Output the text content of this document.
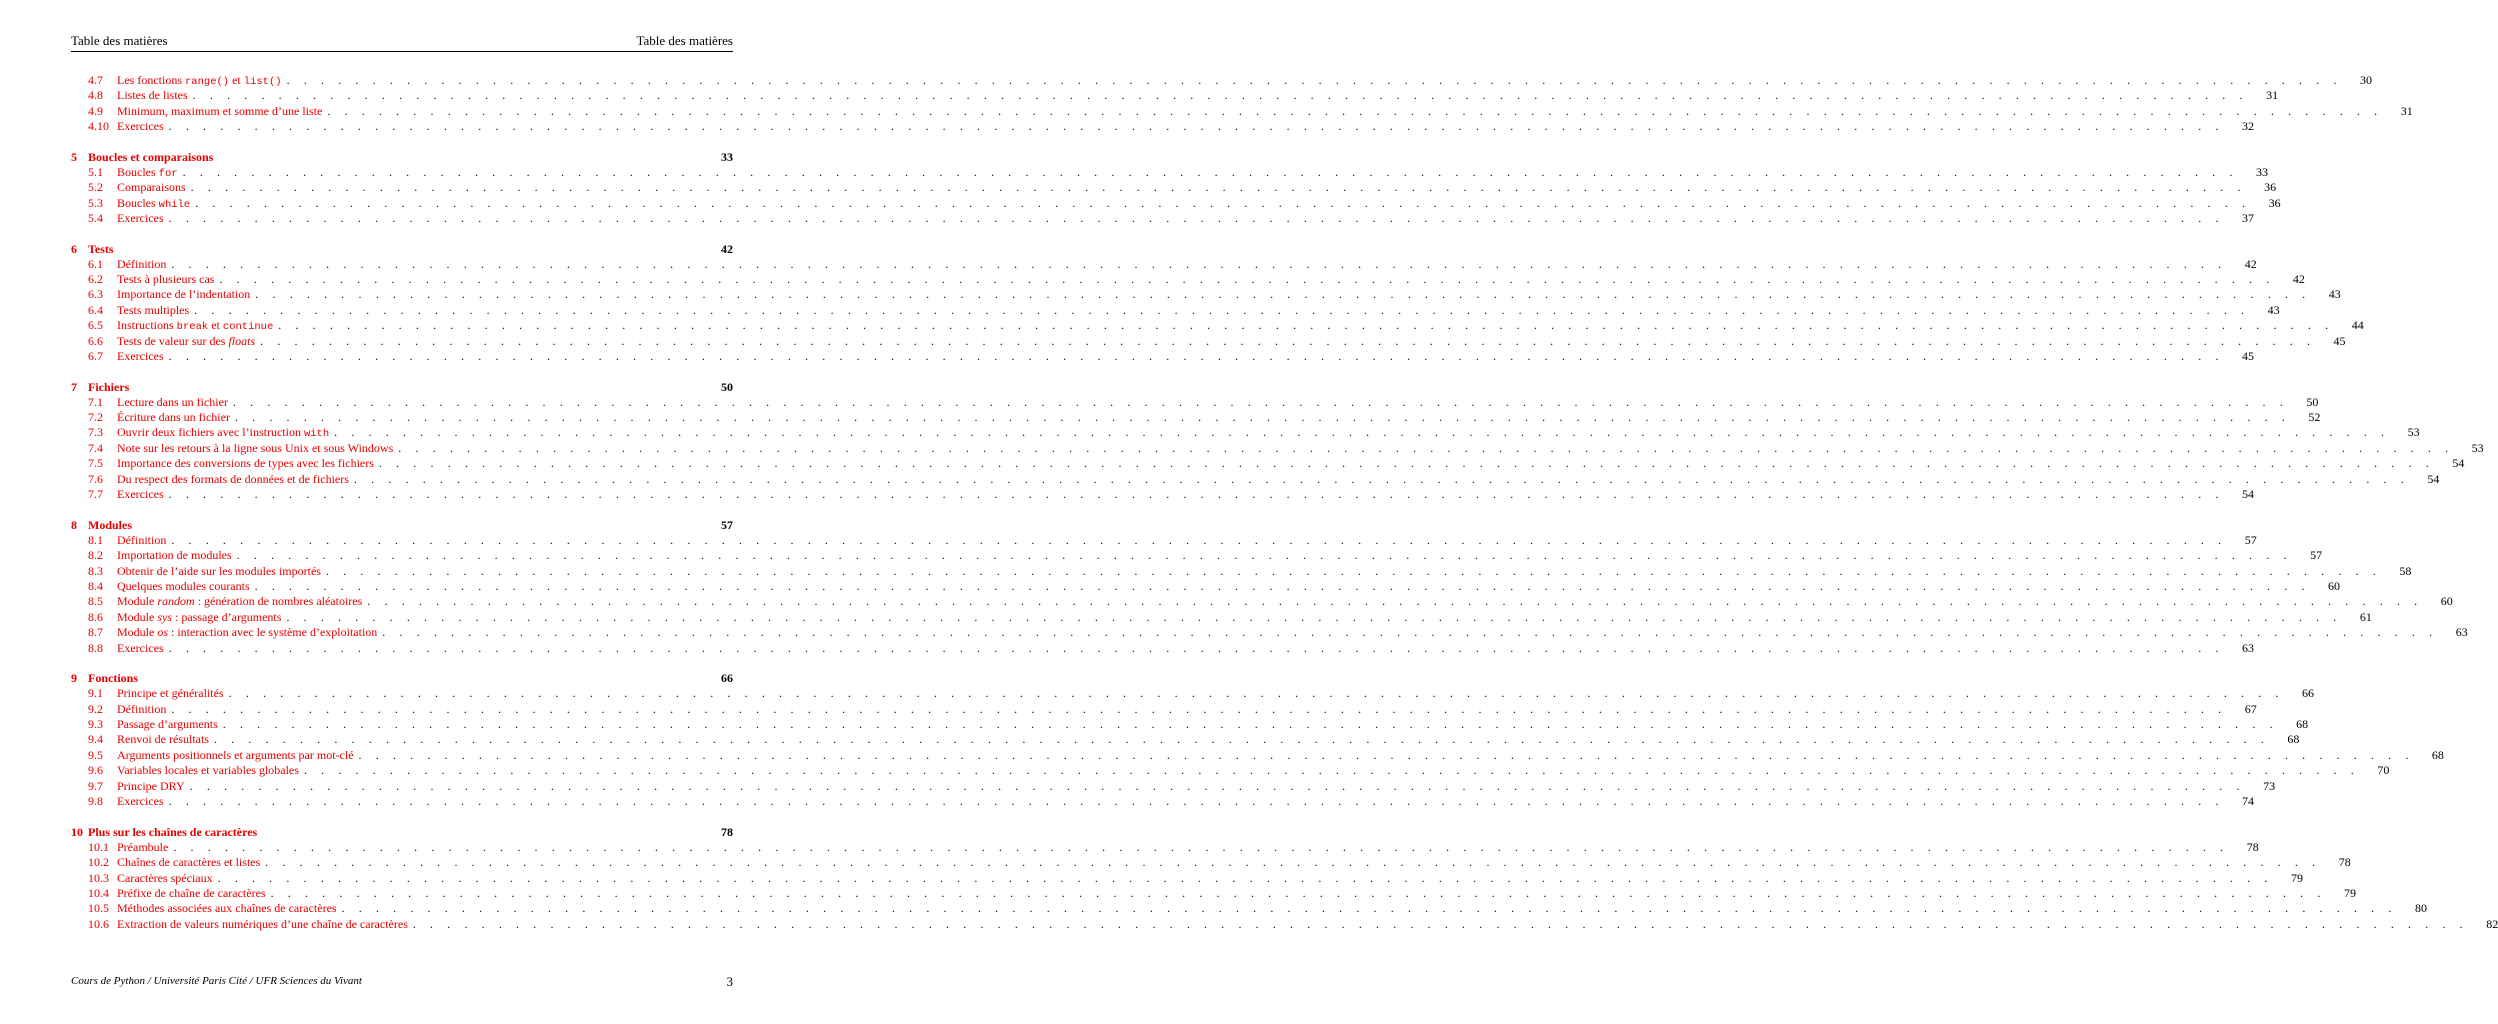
Table des matières	Table des matières
4.7	Les fonctions range() et list() . . . . . . . . . . . . . . . . . . . . . . . . . . . . . . . . . . . . . . . . . . . . . . . . . . . . . . . . . . . . . . . . . . . . . . . . . . . . . . . . . . . . . . . . . . . . . . . . . . . . . . . . . . . . . . . . . . . . . . . .	30
4.8	Listes de listes . . . . . . . . . . . . . . . . . . . . . . . . . . . . . . . . . . . . . . . . . . . . . . . . . . . . . . . . . . . . . . . . . . . . . . . . . . . . . . . . . . . . . . . . . . . . . . . . . . . . . . . . . . . . . . . . . . . . . . . .	31
4.9	Minimum, maximum et somme d’une liste . . . . . . . . . . . . . . . . . . . . . . . . . . . . . . . . . . . . . . . . . . . . . . . . . . . . . . . . . . . . . . . . . . . . . . . . . . . . . . . . . . . . . . . . . . . . . . . . . . . . . . . . . . . . . . . . . . . . . . . .	31
4.10 Exercices . . . . . . . . . . . . . . . . . . . . . . . . . . . . . . . . . . . . . . . . . . . . . . . . . . . . . . . . . . . . . . . . . . . . . . . . . . . . . . . . . . . . . . . . . . . . . . . . . . . . . . . . . . . . . . . . . . . . . . . .	32
5 Boucles et comparaisons	33
5.1	Boucles for . . . . . . . . . . . . . . . . . . . . . . . . . . . . . . . . . . . . . . . . . . . . . . . . . . . . . . . . . . . . . . . . . . . . . . . . . . . . . . . . . . . . . . . . . . . . . . . . . . . . . . . . . . . . . . . . . . . . . . . .	33
5.2	Comparaisons . . . . . . . . . . . . . . . . . . . . . . . . . . . . . . . . . . . . . . . . . . . . . . . . . . . . . . . . . . . . . . . . . . . . . . . . . . . . . . . . . . . . . . . . . . . . . . . . . . . . . . . . . . . . . . . . . . . . . . . .	36
5.3	Boucles while . . . . . . . . . . . . . . . . . . . . . . . . . . . . . . . . . . . . . . . . . . . . . . . . . . . . . . . . . . . . . . . . . . . . . . . . . . . . . . . . . . . . . . . . . . . . . . . . . . . . . . . . . . . . . . . . . . . . . . . .	36
5.4	Exercices . . . . . . . . . . . . . . . . . . . . . . . . . . . . . . . . . . . . . . . . . . . . . . . . . . . . . . . . . . . . . . . . . . . . . . . . . . . . . . . . . . . . . . . . . . . . . . . . . . . . . . . . . . . . . . . . . . . . . . . .	37
6 Tests	42
6.1	Définition . . . . . . . . . . . . . . . . . . . . . . . . . . . . . . . . . . . . . . . . . . . . . . . . . . . . . . . . . . . . . . . . . . . . . . . . . . . . . . . . . . . . . . . . . . . . . . . . . . . . . . . . . . . . . . . . . . . . . . . .	42
6.2	Tests à plusieurs cas . . . . . . . . . . . . . . . . . . . . . . . . . . . . . . . . . . . . . . . . . . . . . . . . . . . . . . . . . . . . . . . . . . . . . . . . . . . . . . . . . . . . . . . . . . . . . . . . . . . . . . . . . . . . . . . . . . . . . . . .	42
6.3	Importance de l’indentation . . . . . . . . . . . . . . . . . . . . . . . . . . . . . . . . . . . . . . . . . . . . . . . . . . . . . . . . . . . . . . . . . . . . . . . . . . . . . . . . . . . . . . . . . . . . . . . . . . . . . . . . . . . . . . . . . . . . . . . .	43
6.4	Tests multiples . . . . . . . . . . . . . . . . . . . . . . . . . . . . . . . . . . . . . . . . . . . . . . . . . . . . . . . . . . . . . . . . . . . . . . . . . . . . . . . . . . . . . . . . . . . . . . . . . . . . . . . . . . . . . . . . . . . . . . . .	43
6.5	Instructions break et continue . . . . . . . . . . . . . . . . . . . . . . . . . . . . . . . . . . . . . . . . . . . . . . . . . . . . . . . . . . . . . . . . . . . . . . . . . . . . . . . . . . . . . . . . . . . . . . . . . . . . . . . . . . . . . . . . . . . . . . . .	44
6.6	Tests de valeur sur des floats . . . . . . . . . . . . . . . . . . . . . . . . . . . . . . . . . . . . . . . . . . . . . . . . . . . . . . . . . . . . . . . . . . . . . . . . . . . . . . . . . . . . . . . . . . . . . . . . . . . . . . . . . . . . . . . . . . . . . . . .	45
6.7	Exercices . . . . . . . . . . . . . . . . . . . . . . . . . . . . . . . . . . . . . . . . . . . . . . . . . . . . . . . . . . . . . . . . . . . . . . . . . . . . . . . . . . . . . . . . . . . . . . . . . . . . . . . . . . . . . . . . . . . . . . . .	45
7 Fichiers	50
7.1	Lecture dans un fichier . . . . . . . . . . . . . . . . . . . . . . . . . . . . . . . . . . . . . . . . . . . . . . . . . . . . . . . . . . . . . . . . . . . . . . . . . . . . . . . . . . . . . . . . . . . . . . . . . . . . . . . . . . . . . . . . . . . . . . . .	50
7.2	Écriture dans un fichier . . . . . . . . . . . . . . . . . . . . . . . . . . . . . . . . . . . . . . . . . . . . . . . . . . . . . . . . . . . . . . . . . . . . . . . . . . . . . . . . . . . . . . . . . . . . . . . . . . . . . . . . . . . . . . . . . . . . . . . .	52
7.3	Ouvrir deux fichiers avec l’instruction with . . . . . . . . . . . . . . . . . . . . . . . . . . . . . . . . . . . . . . . . . . . . . . . . . . . . . . . . . . . . . . . . . . . . . . . . . . . . . . . . . . . . . . . . . . . . . . . . . . . . . . . . . . . . . . . . . . . . . . . .	53
7.4	Note sur les retours à la ligne sous Unix et sous Windows . . . . . . . . . . . . . . . . . . . . . . . . . . . . . . . . . . . . . . . . . . . . . . . . . . . . . . . . . . . . . . . . . . . . . . . . . . . . . . . . . . . . . . . . . . . . . . . . . . . . . . . . . . . . . . . . . . . . . . . .	53
7.5	Importance des conversions de types avec les fichiers . . . . . . . . . . . . . . . . . . . . . . . . . . . . . . . . . . . . . . . . . . . . . . . . . . . . . . . . . . . . . . . . . . . . . . . . . . . . . . . . . . . . . . . . . . . . . . . . . . . . . . . . . . . . . . . . . . . . . . . .	54
7.6	Du respect des formats de données et de fichiers . . . . . . . . . . . . . . . . . . . . . . . . . . . . . . . . . . . . . . . . . . . . . . . . . . . . . . . . . . . . . . . . . . . . . . . . . . . . . . . . . . . . . . . . . . . . . . . . . . . . . . . . . . . . . . . . . . . . . . . .	54
7.7	Exercices . . . . . . . . . . . . . . . . . . . . . . . . . . . . . . . . . . . . . . . . . . . . . . . . . . . . . . . . . . . . . . . . . . . . . . . . . . . . . . . . . . . . . . . . . . . . . . . . . . . . . . . . . . . . . . . . . . . . . . . .	54
8 Modules	57
8.1	Définition . . . . . . . . . . . . . . . . . . . . . . . . . . . . . . . . . . . . . . . . . . . . . . . . . . . . . . . . . . . . . . . . . . . . . . . . . . . . . . . . . . . . . . . . . . . . . . . . . . . . . . . . . . . . . . . . . . . . . . . .	57
8.2	Importation de modules . . . . . . . . . . . . . . . . . . . . . . . . . . . . . . . . . . . . . . . . . . . . . . . . . . . . . . . . . . . . . . . . . . . . . . . . . . . . . . . . . . . . . . . . . . . . . . . . . . . . . . . . . . . . . . . . . . . . . . . .	57
8.3	Obtenir de l’aide sur les modules importés . . . . . . . . . . . . . . . . . . . . . . . . . . . . . . . . . . . . . . . . . . . . . . . . . . . . . . . . . . . . . . . . . . . . . . . . . . . . . . . . . . . . . . . . . . . . . . . . . . . . . . . . . . . . . . . . . . . . . . . .	58
8.4	Quelques modules courants . . . . . . . . . . . . . . . . . . . . . . . . . . . . . . . . . . . . . . . . . . . . . . . . . . . . . . . . . . . . . . . . . . . . . . . . . . . . . . . . . . . . . . . . . . . . . . . . . . . . . . . . . . . . . . . . . . . . . . . .	60
8.5	Module random : génération de nombres aléatoires . . . . . . . . . . . . . . . . . . . . . . . . . . . . . . . . . . . . . . . . . . . . . . . . . . . . . . . . . . . . . . . . . . . . . . . . . . . . . . . . . . . . . . . . . . . . . . . . . . . . . . . . . . . . . . . . . . . . . . . .	60
8.6	Module sys : passage d’arguments . . . . . . . . . . . . . . . . . . . . . . . . . . . . . . . . . . . . . . . . . . . . . . . . . . . . . . . . . . . . . . . . . . . . . . . . . . . . . . . . . . . . . . . . . . . . . . . . . . . . . . . . . . . . . . . . . . . . . . . .	61
8.7	Module os : interaction avec le système d’exploitation . . . . . . . . . . . . . . . . . . . . . . . . . . . . . . . . . . . . . . . . . . . . . . . . . . . . . . . . . . . . . . . . . . . . . . . . . . . . . . . . . . . . . . . . . . . . . . . . . . . . . . . . . . . . . . . . . . . . . . . .	63
8.8	Exercices . . . . . . . . . . . . . . . . . . . . . . . . . . . . . . . . . . . . . . . . . . . . . . . . . . . . . . . . . . . . . . . . . . . . . . . . . . . . . . . . . . . . . . . . . . . . . . . . . . . . . . . . . . . . . . . . . . . . . . . .	63
9 Fonctions	66
9.1	Principe et généralités . . . . . . . . . . . . . . . . . . . . . . . . . . . . . . . . . . . . . . . . . . . . . . . . . . . . . . . . . . . . . . . . . . . . . . . . . . . . . . . . . . . . . . . . . . . . . . . . . . . . . . . . . . . . . . . . . . . . . . . .	66
9.2	Définition . . . . . . . . . . . . . . . . . . . . . . . . . . . . . . . . . . . . . . . . . . . . . . . . . . . . . . . . . . . . . . . . . . . . . . . . . . . . . . . . . . . . . . . . . . . . . . . . . . . . . . . . . . . . . . . . . . . . . . . .	67
9.3	Passage d’arguments . . . . . . . . . . . . . . . . . . . . . . . . . . . . . . . . . . . . . . . . . . . . . . . . . . . . . . . . . . . . . . . . . . . . . . . . . . . . . . . . . . . . . . . . . . . . . . . . . . . . . . . . . . . . . . . . . . . . . . . .	68
9.4	Renvoi de résultats . . . . . . . . . . . . . . . . . . . . . . . . . . . . . . . . . . . . . . . . . . . . . . . . . . . . . . . . . . . . . . . . . . . . . . . . . . . . . . . . . . . . . . . . . . . . . . . . . . . . . . . . . . . . . . . . . . . . . . . .	68
9.5	Arguments positionnels et arguments par mot-clé . . . . . . . . . . . . . . . . . . . . . . . . . . . . . . . . . . . . . . . . . . . . . . . . . . . . . . . . . . . . . . . . . . . . . . . . . . . . . . . . . . . . . . . . . . . . . . . . . . . . . . . . . . . . . . . . . . . . . . . .	68
9.6	Variables locales et variables globales . . . . . . . . . . . . . . . . . . . . . . . . . . . . . . . . . . . . . . . . . . . . . . . . . . . . . . . . . . . . . . . . . . . . . . . . . . . . . . . . . . . . . . . . . . . . . . . . . . . . . . . . . . . . . . . . . . . . . . . .	70
9.7	Principe DRY . . . . . . . . . . . . . . . . . . . . . . . . . . . . . . . . . . . . . . . . . . . . . . . . . . . . . . . . . . . . . . . . . . . . . . . . . . . . . . . . . . . . . . . . . . . . . . . . . . . . . . . . . . . . . . . . . . . . . . . .	73
9.8	Exercices . . . . . . . . . . . . . . . . . . . . . . . . . . . . . . . . . . . . . . . . . . . . . . . . . . . . . . . . . . . . . . . . . . . . . . . . . . . . . . . . . . . . . . . . . . . . . . . . . . . . . . . . . . . . . . . . . . . . . . . .	74
10 Plus sur les chaînes de caractères	78
10.1 Préambule . . . . . . . . . . . . . . . . . . . . . . . . . . . . . . . . . . . . . . . . . . . . . . . . . . . . . . . . . . . . . . . . . . . . . . . . . . . . . . . . . . . . . . . . . . . . . . . . . . . . . . . . . . . . . . . . . . . . . . . .	78
10.2 Chaînes de caractères et listes . . . . . . . . . . . . . . . . . . . . . . . . . . . . . . . . . . . . . . . . . . . . . . . . . . . . . . . . . . . . . . . . . . . . . . . . . . . . . . . . . . . . . . . . . . . . . . . . . . . . . . . . . . . . . . . . . . . . . . . .	78
10.3 Caractères spéciaux . . . . . . . . . . . . . . . . . . . . . . . . . . . . . . . . . . . . . . . . . . . . . . . . . . . . . . . . . . . . . . . . . . . . . . . . . . . . . . . . . . . . . . . . . . . . . . . . . . . . . . . . . . . . . . . . . . . . . . . .	79
10.4 Préfixe de chaîne de caractères . . . . . . . . . . . . . . . . . . . . . . . . . . . . . . . . . . . . . . . . . . . . . . . . . . . . . . . . . . . . . . . . . . . . . . . . . . . . . . . . . . . . . . . . . . . . . . . . . . . . . . . . . . . . . . . . . . . . . . . .	79
10.5 Méthodes associées aux chaînes de caractères . . . . . . . . . . . . . . . . . . . . . . . . . . . . . . . . . . . . . . . . . . . . . . . . . . . . . . . . . . . . . . . . . . . . . . . . . . . . . . . . . . . . . . . . . . . . . . . . . . . . . . . . . . . . . . . . . . . . . . . .	80
10.6 Extraction de valeurs numériques d’une chaîne de caractères . . . . . . . . . . . . . . . . . . . . . . . . . . . . . . . . . . . . . . . . . . . . . . . . . . . . . . . . . . . . . . . . . . . . . . . . . . . . . . . . . . . . . . . . . . . . . . . . . . . . . . . . . . . . . . . . . . . . . . . .	82
Cours de Python / Université Paris Cité / UFR Sciences du Vivant	3
